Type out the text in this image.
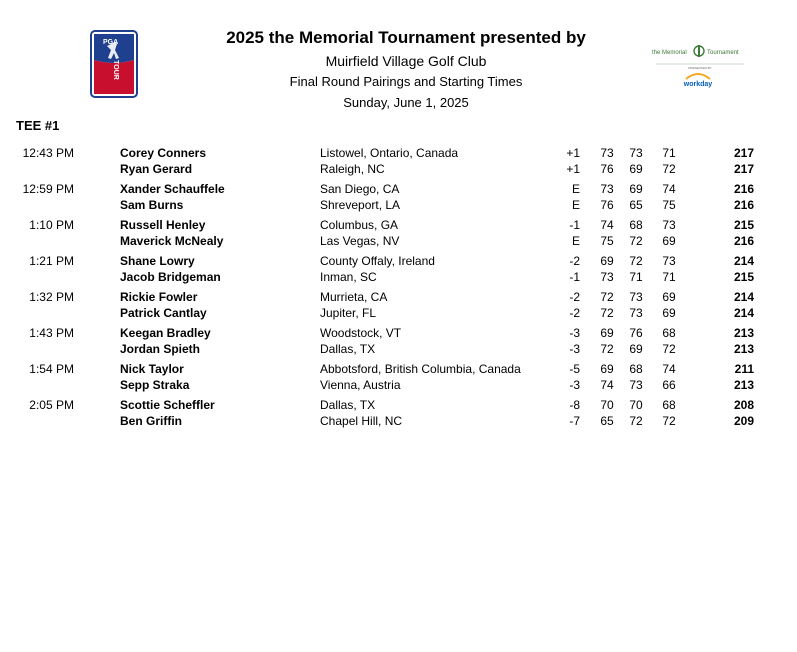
PGA
TOUR
2025 the Memorial Tournament presented by
Muirfield Village Golf Club
Final Round Pairings and Starting Times
Sunday, June 1, 2025
the Memorial	Tournament
PRESENTED BY
workday
TEE #1
12:43 PM	Corey Conners	Listowel, Ontario, Canada	+1	73	73	71	217
Ryan Gerard	Raleigh, NC	+1	76	69	72	217
12:59 PM	Xander Schauffele	San Diego, CA	E	73	69	74	216
Sam Burns	Shreveport, LA	E	76	65	75	216
1:10 PM	Russell Henley	Columbus, GA	-1	74	68	73	215
Maverick McNealy	Las Vegas, NV	E	75	72	69	216
1:21 PM	Shane Lowry	County Offaly, Ireland	-2	69	72	73	214
Jacob Bridgeman	Inman, SC	-1	73	71	71	215
1:32 PM	Rickie Fowler	Murrieta, CA	-2	72	73	69	214
Patrick Cantlay	Jupiter, FL	-2	72	73	69	214
1:43 PM	Keegan Bradley	Woodstock, VT	-3	69	76	68	213
Jordan Spieth	Dallas, TX	-3	72	69	72	213
1:54 PM	Nick Taylor	Abbotsford, British Columbia, Canada	-5	69	68	74	211
Sepp Straka	Vienna, Austria	-3	74	73	66	213
2:05 PM	Scottie Scheffler	Dallas, TX	-8	70	70	68	208
Ben Griffin	Chapel Hill, NC	-7	65	72	72	209
